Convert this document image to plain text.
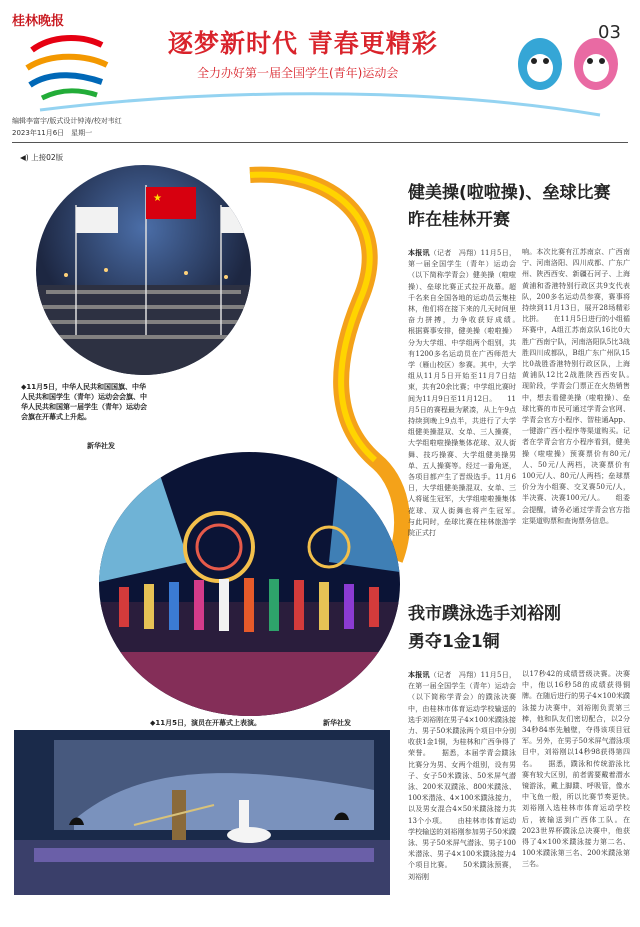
桂林晚报
逐梦新时代 青春更精彩
全力办好第一届全国学生(青年)运动会
03
编辑李富宇/版式设计钟涛/校对韦红
2023年11月6日　星期一
◀) 上接02版
★
◆11月5日，中华人民共和国国旗、中华人民共和国学生（青年）运动会会旗、中华人民共和国第一届学生（青年）运动会会旗在开幕式上升起。
新华社发
◆11月5日，演员在开幕式上表演。	新华社发
健美操(啦啦操)、垒球比赛
昨在桂林开赛

本报讯（记者　冯翔）11月5日，第一届全国学生（青年）运动会（以下简称学青会）健美操（啦啦操）、垒球比赛正式拉开战幕。超千名来自全国各地的运动员云集桂林，他们将在接下来的几天时间里奋力拼搏，力争收获好成绩。　　根据赛事安排，健美操（啦啦操）分为大学组、中学组两个组别，共有1200多名运动员在广西师范大学（雁山校区）参赛。其中，大学组从11月5日开始至11月7日结束，共有20余比赛；中学组比赛时间为11月9日至11月12日。　　11月5日的赛程最为紧凑，从上午9点持续到晚上9点半，共进行了大学组健美操混双、女单、三人操赛，大学组啦啦操操集体花球、双人街舞、技巧操赛、大学组健美操男单、五人操赛等。经过一番角逐，各项目都产生了晋级选手。11月6日，大学组健美操混双、女单、三人将诞生冠军，大学组啦啦操集体花球、双人街舞也将产生冠军。　　与此同时，垒球比赛在桂林旅游学院正式打

响。本次比赛有江苏南京、广西南宁、河南洛阳、四川成都、广东广州、陕西西安、新疆石河子、上海黄浦和香港特别行政区共9支代表队，200多名运动员参赛，赛事将持续到11月13日，展开28场精彩比拼。　　在11月5日进行的小组循环赛中，A组江苏南京队16比0大胜广西南宁队，河南洛阳队5比3战胜四川成都队，B组广东广州队15比0战胜香港特别行政区队，上海黄浦队12比2战胜陕西西安队。　　现阶段，学青会门票正在火热销售中，想去看健美操（啦啦操）、垒球比赛的市民可通过学青会官网、学青会官方小程序、智桂通App、一键游广西小程序等渠道购买。记者在学青会官方小程序看到，健美操（啦啦操）预赛票价有80元/人、50元/人两档，决赛票价有100元/人、80元/人两档；垒球票价分为小组赛、交叉赛50元/人，半决赛、决赛100元/人。　　组委会提醒，请务必通过学青会官方指定渠道购票和查询票务信息。

我市蹼泳选手刘裕刚
勇夺1金1铜

本报讯（记者　冯翔）11月5日，在第一届全国学生（青年）运动会（以下简称学青会）的蹼泳决赛中，由桂林市体育运动学校输送的选手刘裕刚在男子4×100米蹼泳接力、男子50米蹼泳两个项目中分别收获1金1铜，为桂林和广西争得了荣誉。　　据悉，本届学青会蹼泳比赛分为男、女两个组别，设有男子、女子50米蹼泳、50米屏气潜泳、200米双蹼泳、800米蹼泳、100米潜泳、4×100米蹼泳接力，以及男女混合4×50米蹼泳接力共13个小项。　　由桂林市体育运动学校输送的刘裕刚参加男子50米蹼泳、男子50米屏气潜泳、男子100米潜泳、男子4×100米蹼泳接力4个项目比赛。　　50米蹼泳预赛，刘裕刚

以17秒42的成绩晋级决赛。决赛中，他以16秒58的成绩获得铜牌。在随后进行的男子4×100米蹼泳接力决赛中，刘裕刚负责第三棒，他和队友们密切配合，以2分34秒84率先触壁，夺得该项目冠军。另外，在男子50米屏气潜泳项目中，刘裕刚以14秒98获得第四名。　　据悉，蹼泳和传统游泳比赛有较大区别，前者需要戴着潜水镜游泳，戴上脚蹼、呼吸管，像水中飞鱼一般，所以比赛节奏更快。　　刘裕刚入选桂林市体育运动学校后，被输送到广西体工队。在2023世界杯蹼泳总决赛中，他获得了4×100米蹼泳接力第二名、100米蹼泳第三名、200米蹼泳第三名。
